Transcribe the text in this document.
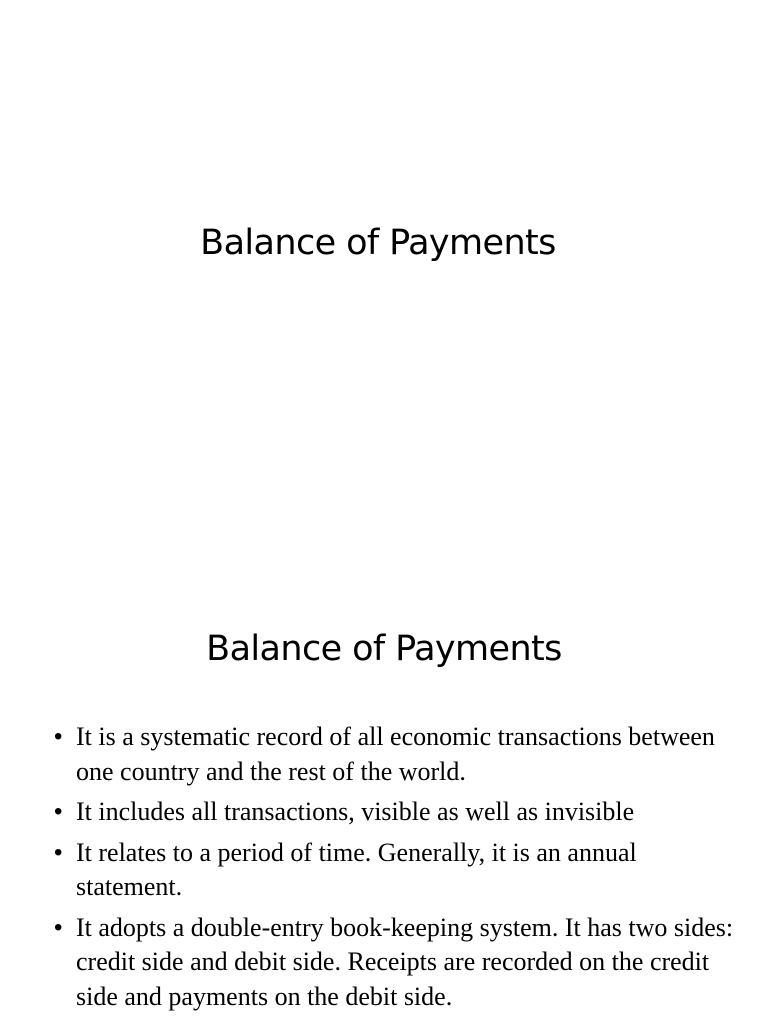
Balance of Payments
Balance of Payments
• It is a systematic record of all economic transactions between one country and the rest of the world.
• It includes all transactions, visible as well as invisible
• It relates to a period of time. Generally, it is an annual statement.
• It adopts a double-entry book-keeping system. It has two sides: credit side and debit side. Receipts are recorded on the credit side and payments on the debit side.
